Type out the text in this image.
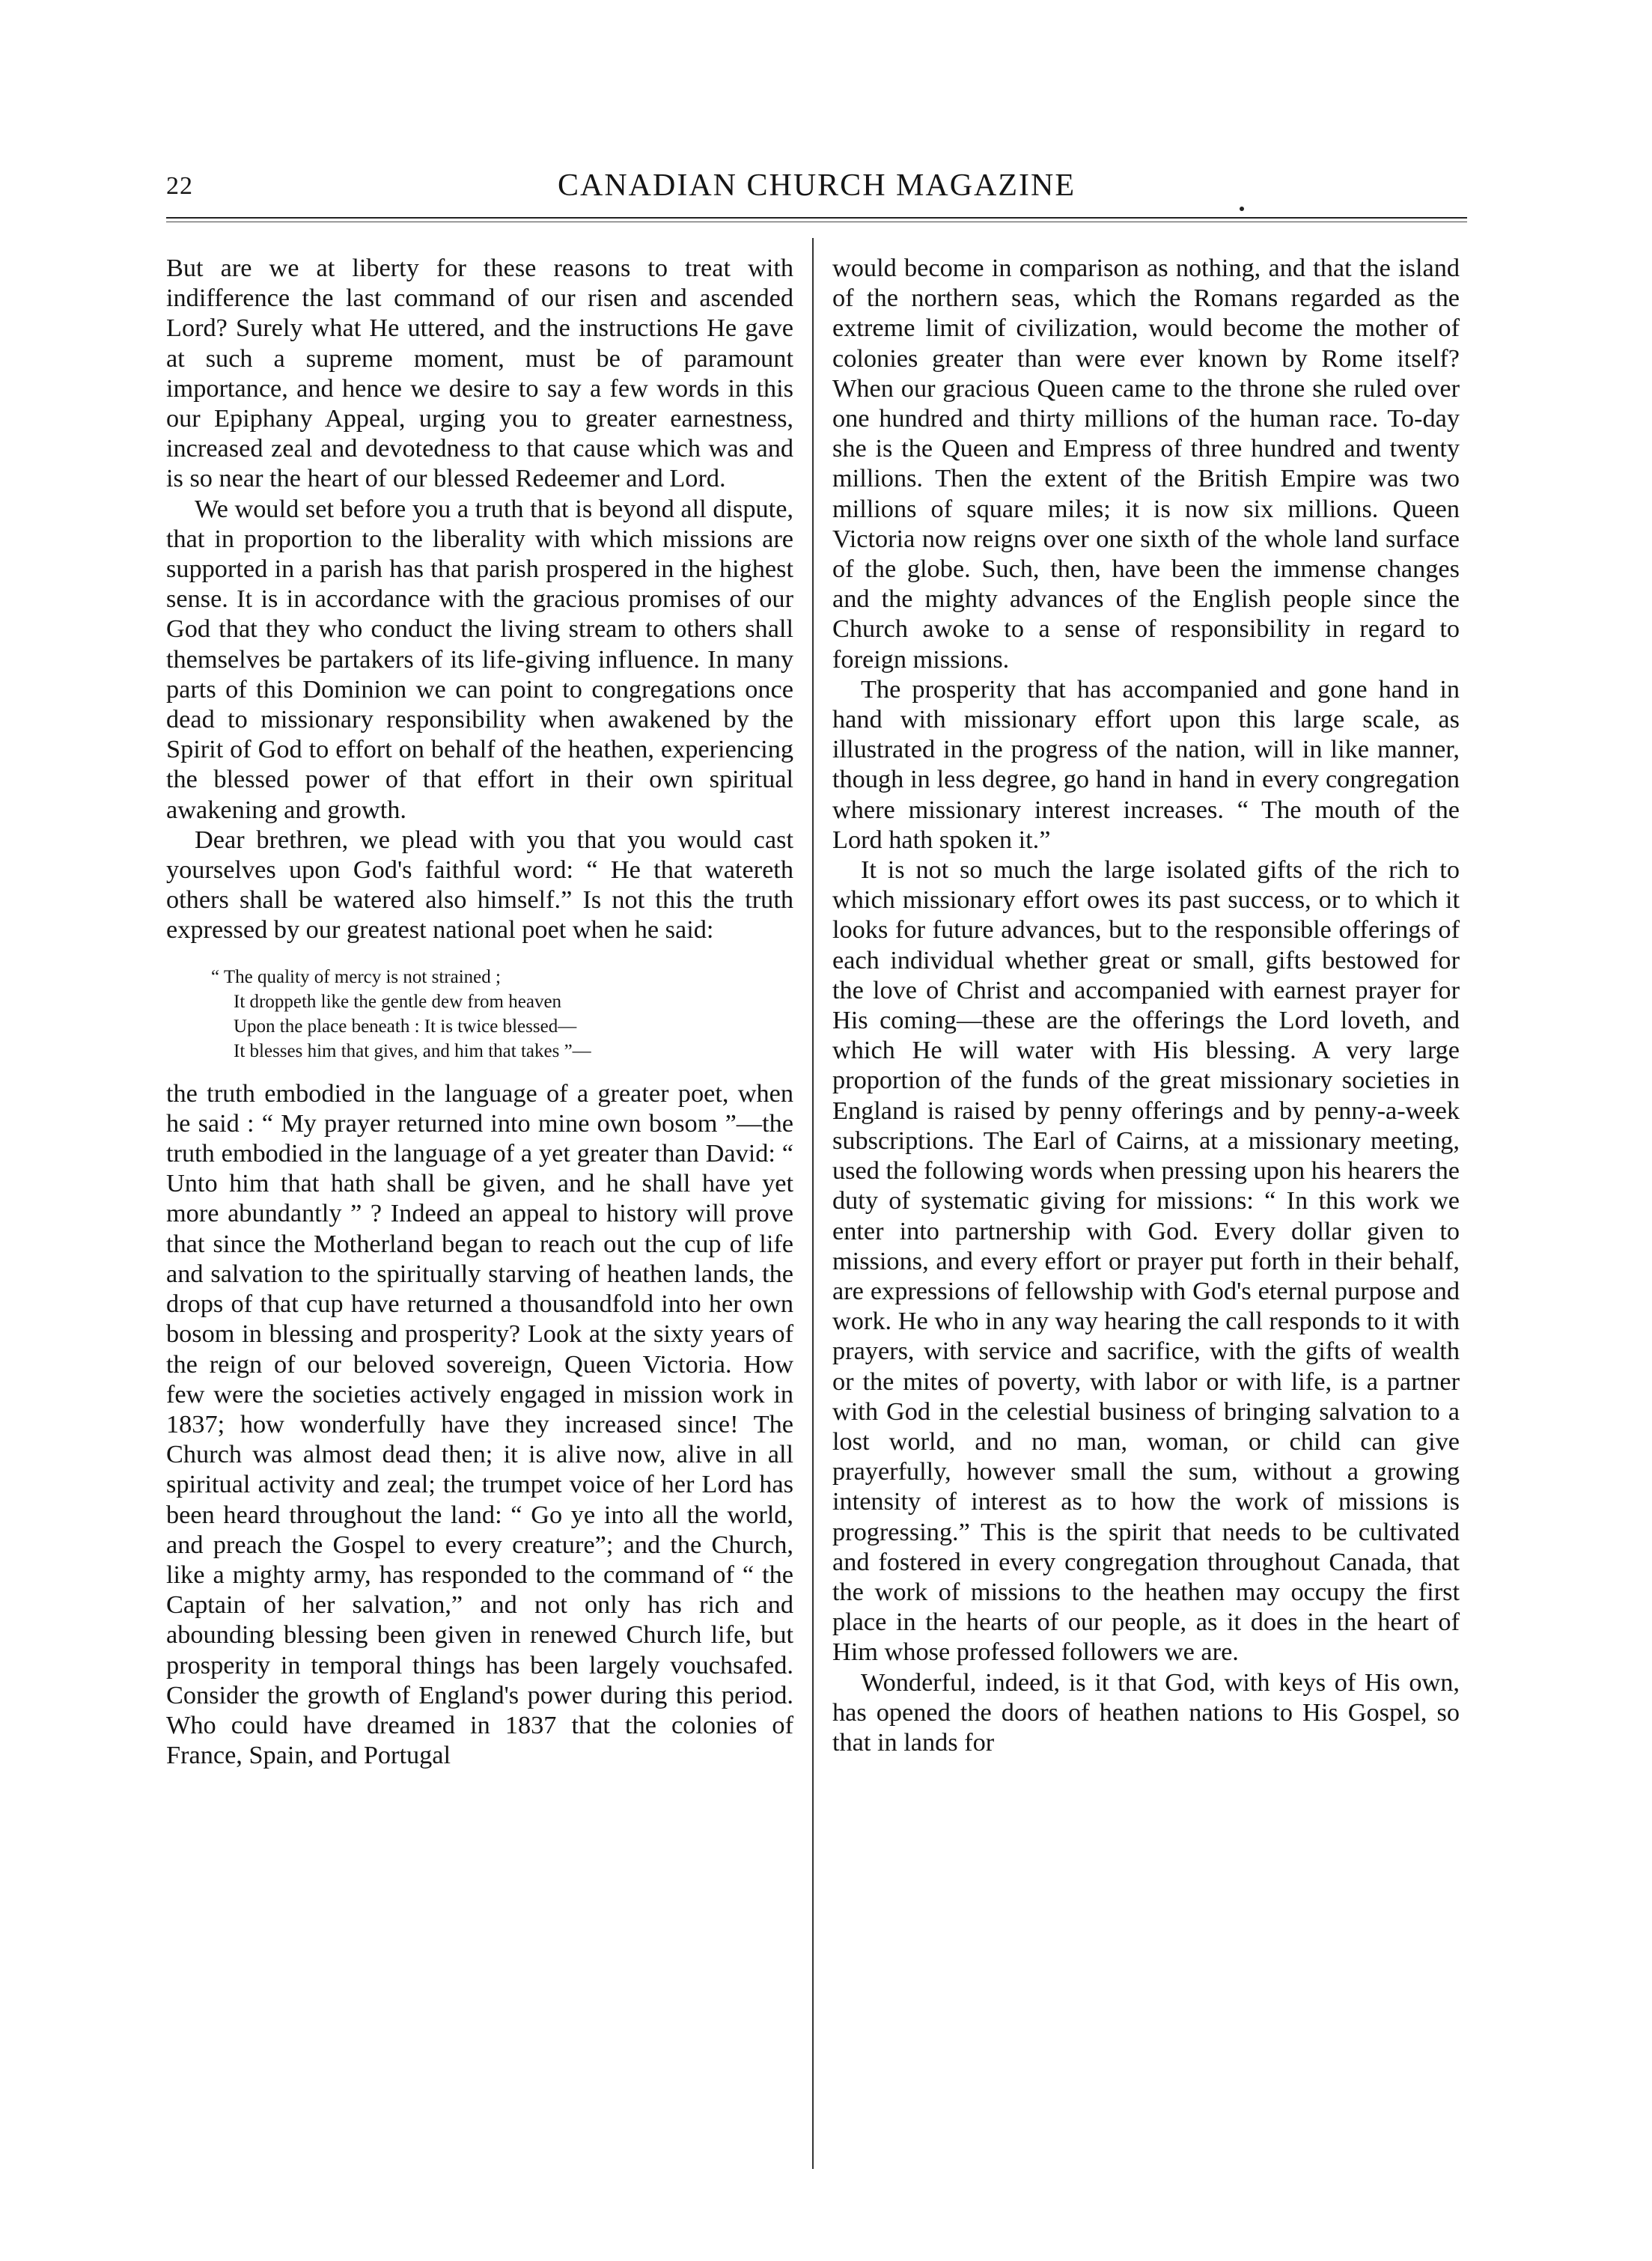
22	CANADIAN CHURCH MAGAZINE

But are we at liberty for these reasons to treat with indifference the last command of our risen and ascended Lord? Surely what He uttered, and the instructions He gave at such a supreme moment, must be of paramount importance, and hence we desire to say a few words in this our Epiphany Appeal, urging you to greater earnestness, increased zeal and devotedness to that cause which was and is so near the heart of our blessed Redeemer and Lord.

We would set before you a truth that is beyond all dispute, that in proportion to the liberality with which missions are supported in a parish has that parish prospered in the highest sense. It is in accordance with the gracious promises of our God that they who conduct the living stream to others shall themselves be partakers of its life-giving influence. In many parts of this Dominion we can point to congregations once dead to missionary responsibility when awakened by the Spirit of God to effort on behalf of the heathen, experiencing the blessed power of that effort in their own spiritual awakening and growth.

Dear brethren, we plead with you that you would cast yourselves upon God's faithful word: “ He that watereth others shall be watered also himself.” Is not this the truth expressed by our greatest national poet when he said:

“ The quality of mercy is not strained ;
It droppeth like the gentle dew from heaven
Upon the place beneath : It is twice blessed—
It blesses him that gives, and him that takes ”—

the truth embodied in the language of a greater poet, when he said : “ My prayer returned into mine own bosom ”—the truth embodied in the language of a yet greater than David: “ Unto him that hath shall be given, and he shall have yet more abundantly ” ? Indeed an appeal to history will prove that since the Motherland began to reach out the cup of life and salvation to the spiritually starving of heathen lands, the drops of that cup have returned a thousandfold into her own bosom in blessing and prosperity? Look at the sixty years of the reign of our beloved sovereign, Queen Victoria. How few were the societies actively engaged in mission work in 1837; how wonderfully have they increased since! The Church was almost dead then; it is alive now, alive in all spiritual activity and zeal; the trumpet voice of her Lord has been heard throughout the land: “ Go ye into all the world, and preach the Gospel to every creature”; and the Church, like a mighty army, has responded to the command of “ the Captain of her salvation,” and not only has rich and abounding blessing been given in renewed Church life, but prosperity in temporal things has been largely vouchsafed. Consider the growth of England's power during this period. Who could have dreamed in 1837 that the colonies of France, Spain, and Portugal

would become in comparison as nothing, and that the island of the northern seas, which the Romans regarded as the extreme limit of civilization, would become the mother of colonies greater than were ever known by Rome itself? When our gracious Queen came to the throne she ruled over one hundred and thirty millions of the human race. To-day she is the Queen and Empress of three hundred and twenty millions. Then the extent of the British Empire was two millions of square miles; it is now six millions. Queen Victoria now reigns over one sixth of the whole land surface of the globe. Such, then, have been the immense changes and the mighty advances of the English people since the Church awoke to a sense of responsibility in regard to foreign missions.

The prosperity that has accompanied and gone hand in hand with missionary effort upon this large scale, as illustrated in the progress of the nation, will in like manner, though in less degree, go hand in hand in every congregation where missionary interest increases. “ The mouth of the Lord hath spoken it.”

It is not so much the large isolated gifts of the rich to which missionary effort owes its past success, or to which it looks for future advances, but to the responsible offerings of each individual whether great or small, gifts bestowed for the love of Christ and accompanied with earnest prayer for His coming—these are the offerings the Lord loveth, and which He will water with His blessing. A very large proportion of the funds of the great missionary societies in England is raised by penny offerings and by penny-a-week subscriptions. The Earl of Cairns, at a missionary meeting, used the following words when pressing upon his hearers the duty of systematic giving for missions: “ In this work we enter into partnership with God. Every dollar given to missions, and every effort or prayer put forth in their behalf, are expressions of fellowship with God's eternal purpose and work. He who in any way hearing the call responds to it with prayers, with service and sacrifice, with the gifts of wealth or the mites of poverty, with labor or with life, is a partner with God in the celestial business of bringing salvation to a lost world, and no man, woman, or child can give prayerfully, however small the sum, without a growing intensity of interest as to how the work of missions is progressing.” This is the spirit that needs to be cultivated and fostered in every congregation throughout Canada, that the work of missions to the heathen may occupy the first place in the hearts of our people, as it does in the heart of Him whose professed followers we are.

Wonderful, indeed, is it that God, with keys of His own, has opened the doors of heathen nations to His Gospel, so that in lands for
